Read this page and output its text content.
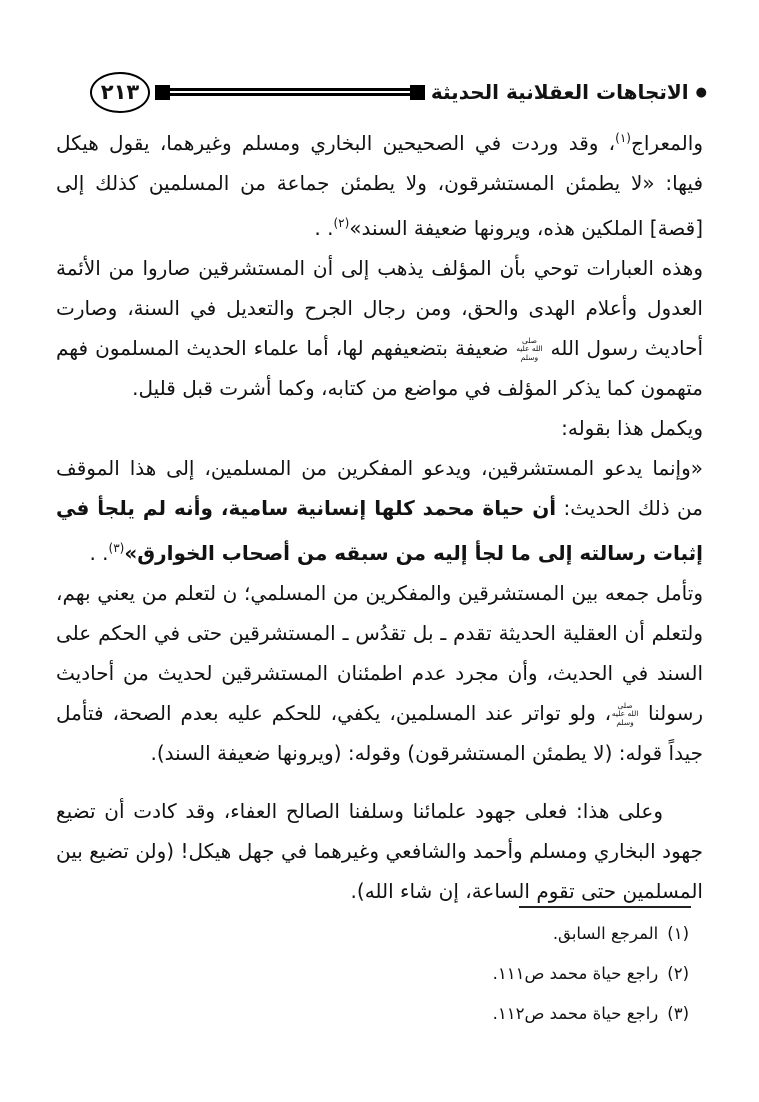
●
الاتجاهات العقلانية الحديثة
٢١٣

والمعراج$^{(١)}$، وقد وردت في الصحيحين البخاري ومسلم وغيرهما، يقول هيكل فيها: «لا يطمئن المستشرقون، ولا يطمئن جماعة من المسلمين كذلك إلى [قصة] الملكين هذه، ويرونها ضعيفة السند»$^{(٢)}$. .

وهذه العبارات توحي بأن المؤلف يذهب إلى أن المستشرقين صاروا من الأئمة العدول وأعلام الهدى والحق، ومن رجال الجرح والتعديل في السنة، وصارت أحاديث رسول الله صلى الله عليه وسلم ضعيفة بتضعيفهم لها، أما علماء الحديث المسلمون فهم متهمون كما يذكر المؤلف في مواضع من كتابه، وكما أشرت قبل قليل.

ويكمل هذا بقوله:

«وإنما يدعو المستشرقين، ويدعو المفكرين من المسلمين، إلى هذا الموقف من ذلك الحديث: أن حياة محمد كلها إنسانية سامية، وأنه لم يلجأ في إثبات رسالته إلى ما لجأ إليه من سبقه من أصحاب الخوارق»$^{(٣)}$. .

وتأمل جمعه بين المستشرقين والمفكرين من المسلمي؛ ن لتعلم من يعني بهم، ولتعلم أن العقلية الحديثة تقدم ـ بل تقدُس ـ المستشرقين حتى في الحكم على السند في الحديث، وأن مجرد عدم اطمئنان المستشرقين لحديث من أحاديث رسولنا صلى الله عليه وسلم، ولو تواتر عند المسلمين، يكفي، للحكم عليه بعدم الصحة، فتأمل جيداً قوله: (لا يطمئن المستشرقون) وقوله: (ويرونها ضعيفة السند).

وعلى هذا: فعلى جهود علمائنا وسلفنا الصالح العفاء، وقد كادت أن تضيع جهود البخاري ومسلم وأحمد والشافعي وغيرهما في جهل هيكل! (ولن تضيع بين المسلمين حتى تقوم الساعة، إن شاء الله).

(١)المرجع السابق.
(٢)راجع حياة محمد ص١١١.
(٣)راجع حياة محمد ص١١٢.
